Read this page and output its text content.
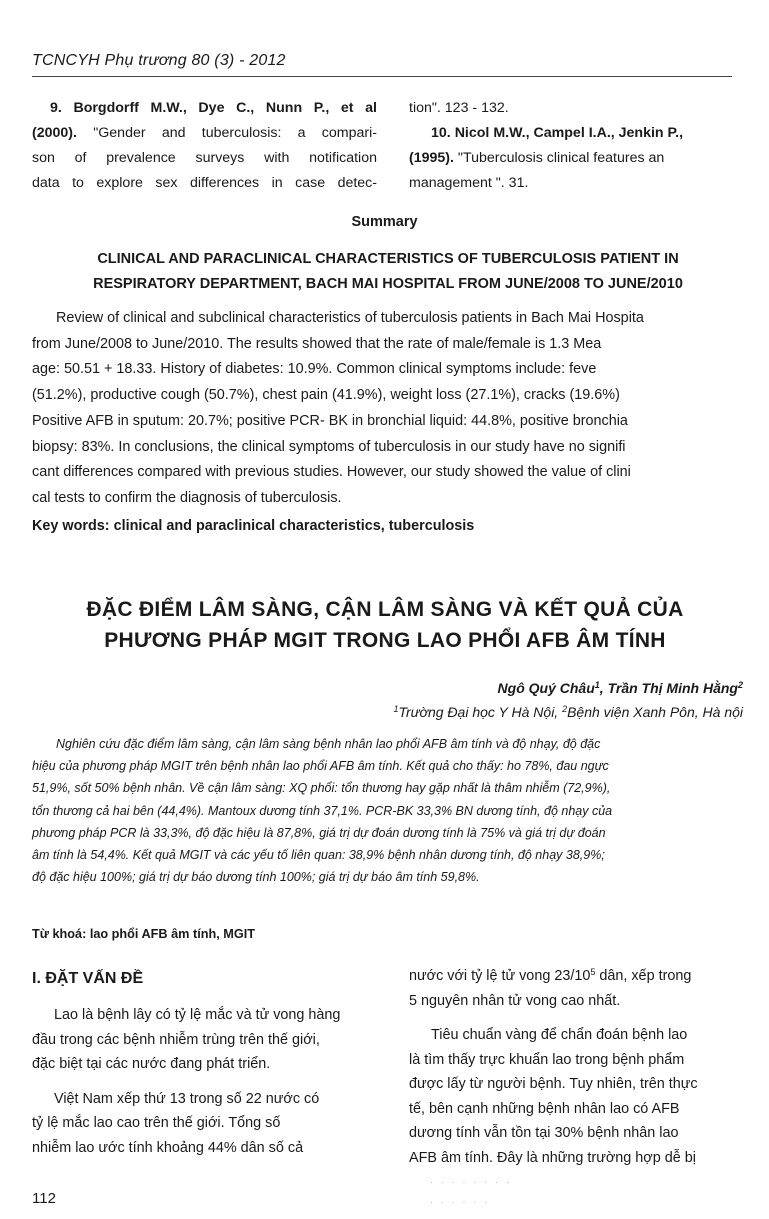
TCNCYH Phụ trương 80 (3) - 2012
9. Borgdorff M.W., Dye C., Nunn P., et al
(2000). "Gender and tuberculosis: a compari-
son of prevalence surveys with notification
data to explore sex differences in case detec-
tion". 123 - 132.
10. Nicol M.W., Campel I.A., Jenkin P.,
(1995). "Tuberculosis clinical features an
management ". 31.
Summary
CLINICAL AND PARACLINICAL CHARACTERISTICS OF TUBERCULOSIS PATIENT IN
RESPIRATORY DEPARTMENT, BACH MAI HOSPITAL FROM JUNE/2008 TO JUNE/2010
Review of clinical and subclinical characteristics of tuberculosis patients in Bach Mai Hospita
from June/2008 to June/2010. The results showed that the rate of male/female is 1.3 Mea
age: 50.51 + 18.33. History of diabetes: 10.9%. Common clinical symptoms include: feve
(51.2%), productive cough (50.7%), chest pain (41.9%), weight loss (27.1%), cracks (19.6%)
Positive AFB in sputum: 20.7%; positive PCR- BK in bronchial liquid: 44.8%, positive bronchia
biopsy: 83%. In conclusions, the clinical symptoms of tuberculosis in our study have no signifi
cant differences compared with previous studies. However, our study showed the value of clini
cal tests to confirm the diagnosis of tuberculosis.
Key words: clinical and paraclinical characteristics, tuberculosis
ĐẶC ĐIỂM LÂM SÀNG, CẬN LÂM SÀNG VÀ KẾT QUẢ CỦA
PHƯƠNG PHÁP MGIT TRONG LAO PHỔI AFB ÂM TÍNH
Ngô Quý Châu$^1$, Trần Thị Minh Hằng$^2$
$^1$Trường Đại học Y Hà Nội, $^2$Bệnh viện Xanh Pôn, Hà nội
Nghiên cứu đặc điểm lâm sàng, cận lâm sàng bệnh nhân lao phổi AFB âm tính và độ nhạy, độ đặc
hiệu của phương pháp MGIT trên bệnh nhân lao phổi AFB âm tính. Kết quả cho thấy: ho 78%, đau ngực
51,9%, sốt 50% bệnh nhân. Về cận lâm sàng: XQ phổi: tổn thương hay gặp nhất là thâm nhiễm (72,9%),
tổn thương cả hai bên (44,4%). Mantoux dương tính 37,1%. PCR-BK 33,3% BN dương tính, độ nhạy của
phương pháp PCR là 33,3%, độ đặc hiệu là 87,8%, giá trị dự đoán dương tính là 75% và giá trị dự đoán
âm tính là 54,4%. Kết quả MGIT và các yếu tố liên quan: 38,9% bệnh nhân dương tính, độ nhạy 38,9%;
độ đặc hiệu 100%; giá trị dự báo dương tính 100%; giá trị dự báo âm tính 59,8%.
Từ khoá: lao phổi AFB âm tính, MGIT
I. ĐẶT VẤN ĐỀ
Lao là bệnh lây có tỷ lệ mắc và tử vong hàng
đầu trong các bệnh nhiễm trùng trên thế giới,
đặc biệt tại các nước đang phát triển.
Việt Nam xếp thứ 13 trong số 22 nước có
tỷ lệ mắc lao cao trên thế giới. Tổng số
nhiễm lao ước tính khoảng 44% dân số cả
nước với tỷ lệ tử vong $23/10^5$ dân, xếp trong
5 nguyên nhân tử vong cao nhất.
Tiêu chuẩn vàng để chẩn đoán bệnh lao
là tìm thấy trực khuẩn lao trong bệnh phẩm
được lấy từ người bệnh. Tuy nhiên, trên thực
tế, bên cạnh những bệnh nhân lao có AFB
dương tính vẫn tồn tại 30% bệnh nhân lao
AFB âm tính. Đây là những trường hợp dễ bị
· · · · · · · ·
· · · · · ·
112
